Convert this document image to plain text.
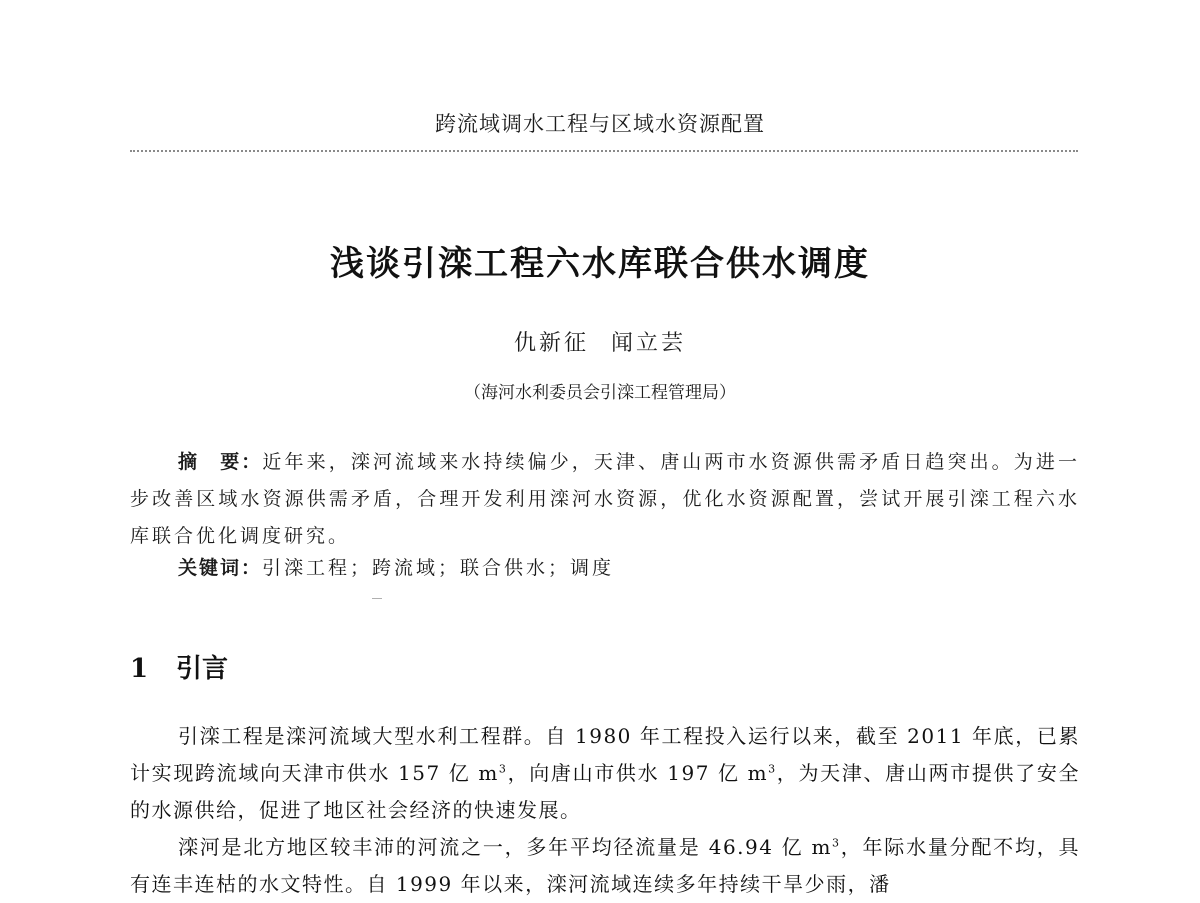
跨流域调水工程与区域水资源配置
浅谈引滦工程六水库联合供水调度
仇新征 闻立芸
（海河水利委员会引滦工程管理局）
摘　要：近年来，滦河流域来水持续偏少，天津、唐山两市水资源供需矛盾日趋突出。为进一步改善区域水资源供需矛盾，合理开发利用滦河水资源，优化水资源配置，尝试开展引滦工程六水库联合优化调度研究。
关键词：引滦工程；跨流域；联合供水；调度
1 引言

引滦工程是滦河流域大型水利工程群。自 1980 年工程投入运行以来，截至 2011 年底，已累计实现跨流域向天津市供水 157 亿 $m^3$，向唐山市供水 197 亿 $m^3$，为天津、唐山两市提供了安全的水源供给，促进了地区社会经济的快速发展。

滦河是北方地区较丰沛的河流之一，多年平均径流量是 46.94 亿 $m^3$，年际水量分配不均，具有连丰连枯的水文特性。自 1999 年以来，滦河流域连续多年持续干旱少雨，潘
